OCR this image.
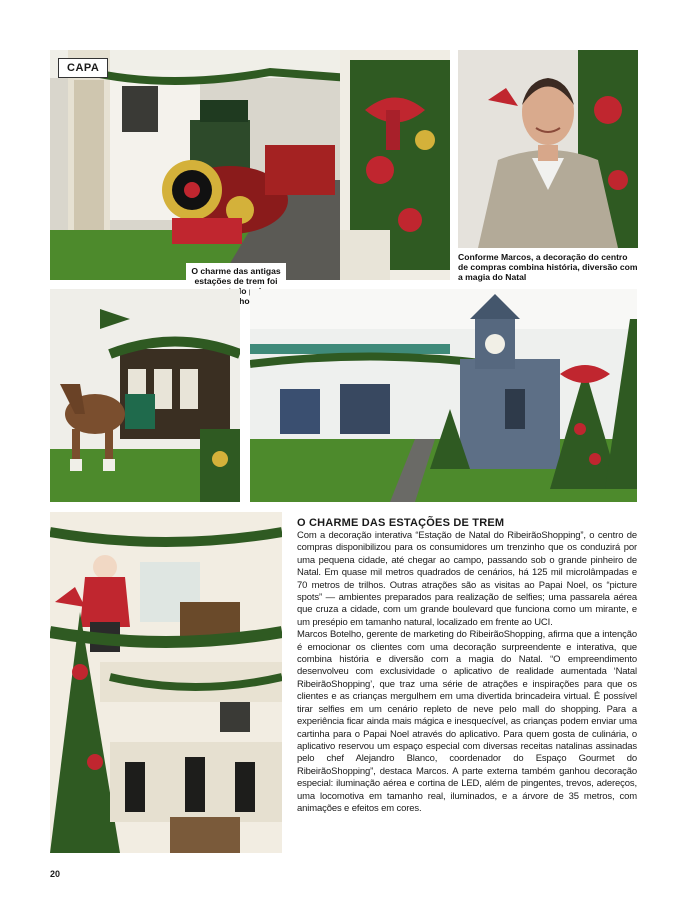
CAPA
O charme das antigas estações de trem foi
Conforme Marcos, a decoração do centro de compras combina história, diversão com a magia do Natal
O CHARME DAS ESTAÇÕES DE TREM

Com a decoração interativa “Estação de Natal do RibeirãoShopping”, o centro de compras disponibilizou para os consumidores um trenzinho que os conduzirá por uma pequena cidade, até chegar ao campo, passando sob o grande pinheiro de Natal. Em quase mil metros quadrados de cenários, há 125 mil microlâmpadas e 70 metros de trilhos. Outras atrações são as visitas ao Papai Noel, os “picture spots” — ambientes preparados para realização de selfies; uma passarela aérea que cruza a cidade, com um grande boulevard que funciona como um mirante, e um presépio em tamanho natural, localizado em frente ao UCI.

Marcos Botelho, gerente de marketing do RibeirãoShopping, afirma que a intenção é emocionar os clientes com uma decoração surpreendente e interativa, que combina história e diversão com a magia do Natal. “O empreendimento desenvolveu com exclusividade o aplicativo de realidade aumentada ‘Natal RibeirãoShopping’, que traz uma série de atrações e inspirações para que os clientes e as crianças mergulhem em uma divertida brincadeira virtual. É possível tirar selfies em um cenário repleto de neve pelo mall do shopping. Para a experiência ficar ainda mais mágica e inesquecível, as crianças podem enviar uma cartinha para o Papai Noel através do aplicativo. Para quem gosta de culinária, o aplicativo reservou um espaço especial com diversas receitas natalinas assinadas pelo chef Alejandro Blanco, coordenador do Espaço Gourmet do RibeirãoShopping”, destaca Marcos. A parte externa também ganhou decoração especial: iluminação aérea e cortina de LED, além de pingentes, trevos, adereços, uma locomotiva em tamanho real, iluminados, e a árvore de 35 metros, com animações e efeitos em cores.

20
